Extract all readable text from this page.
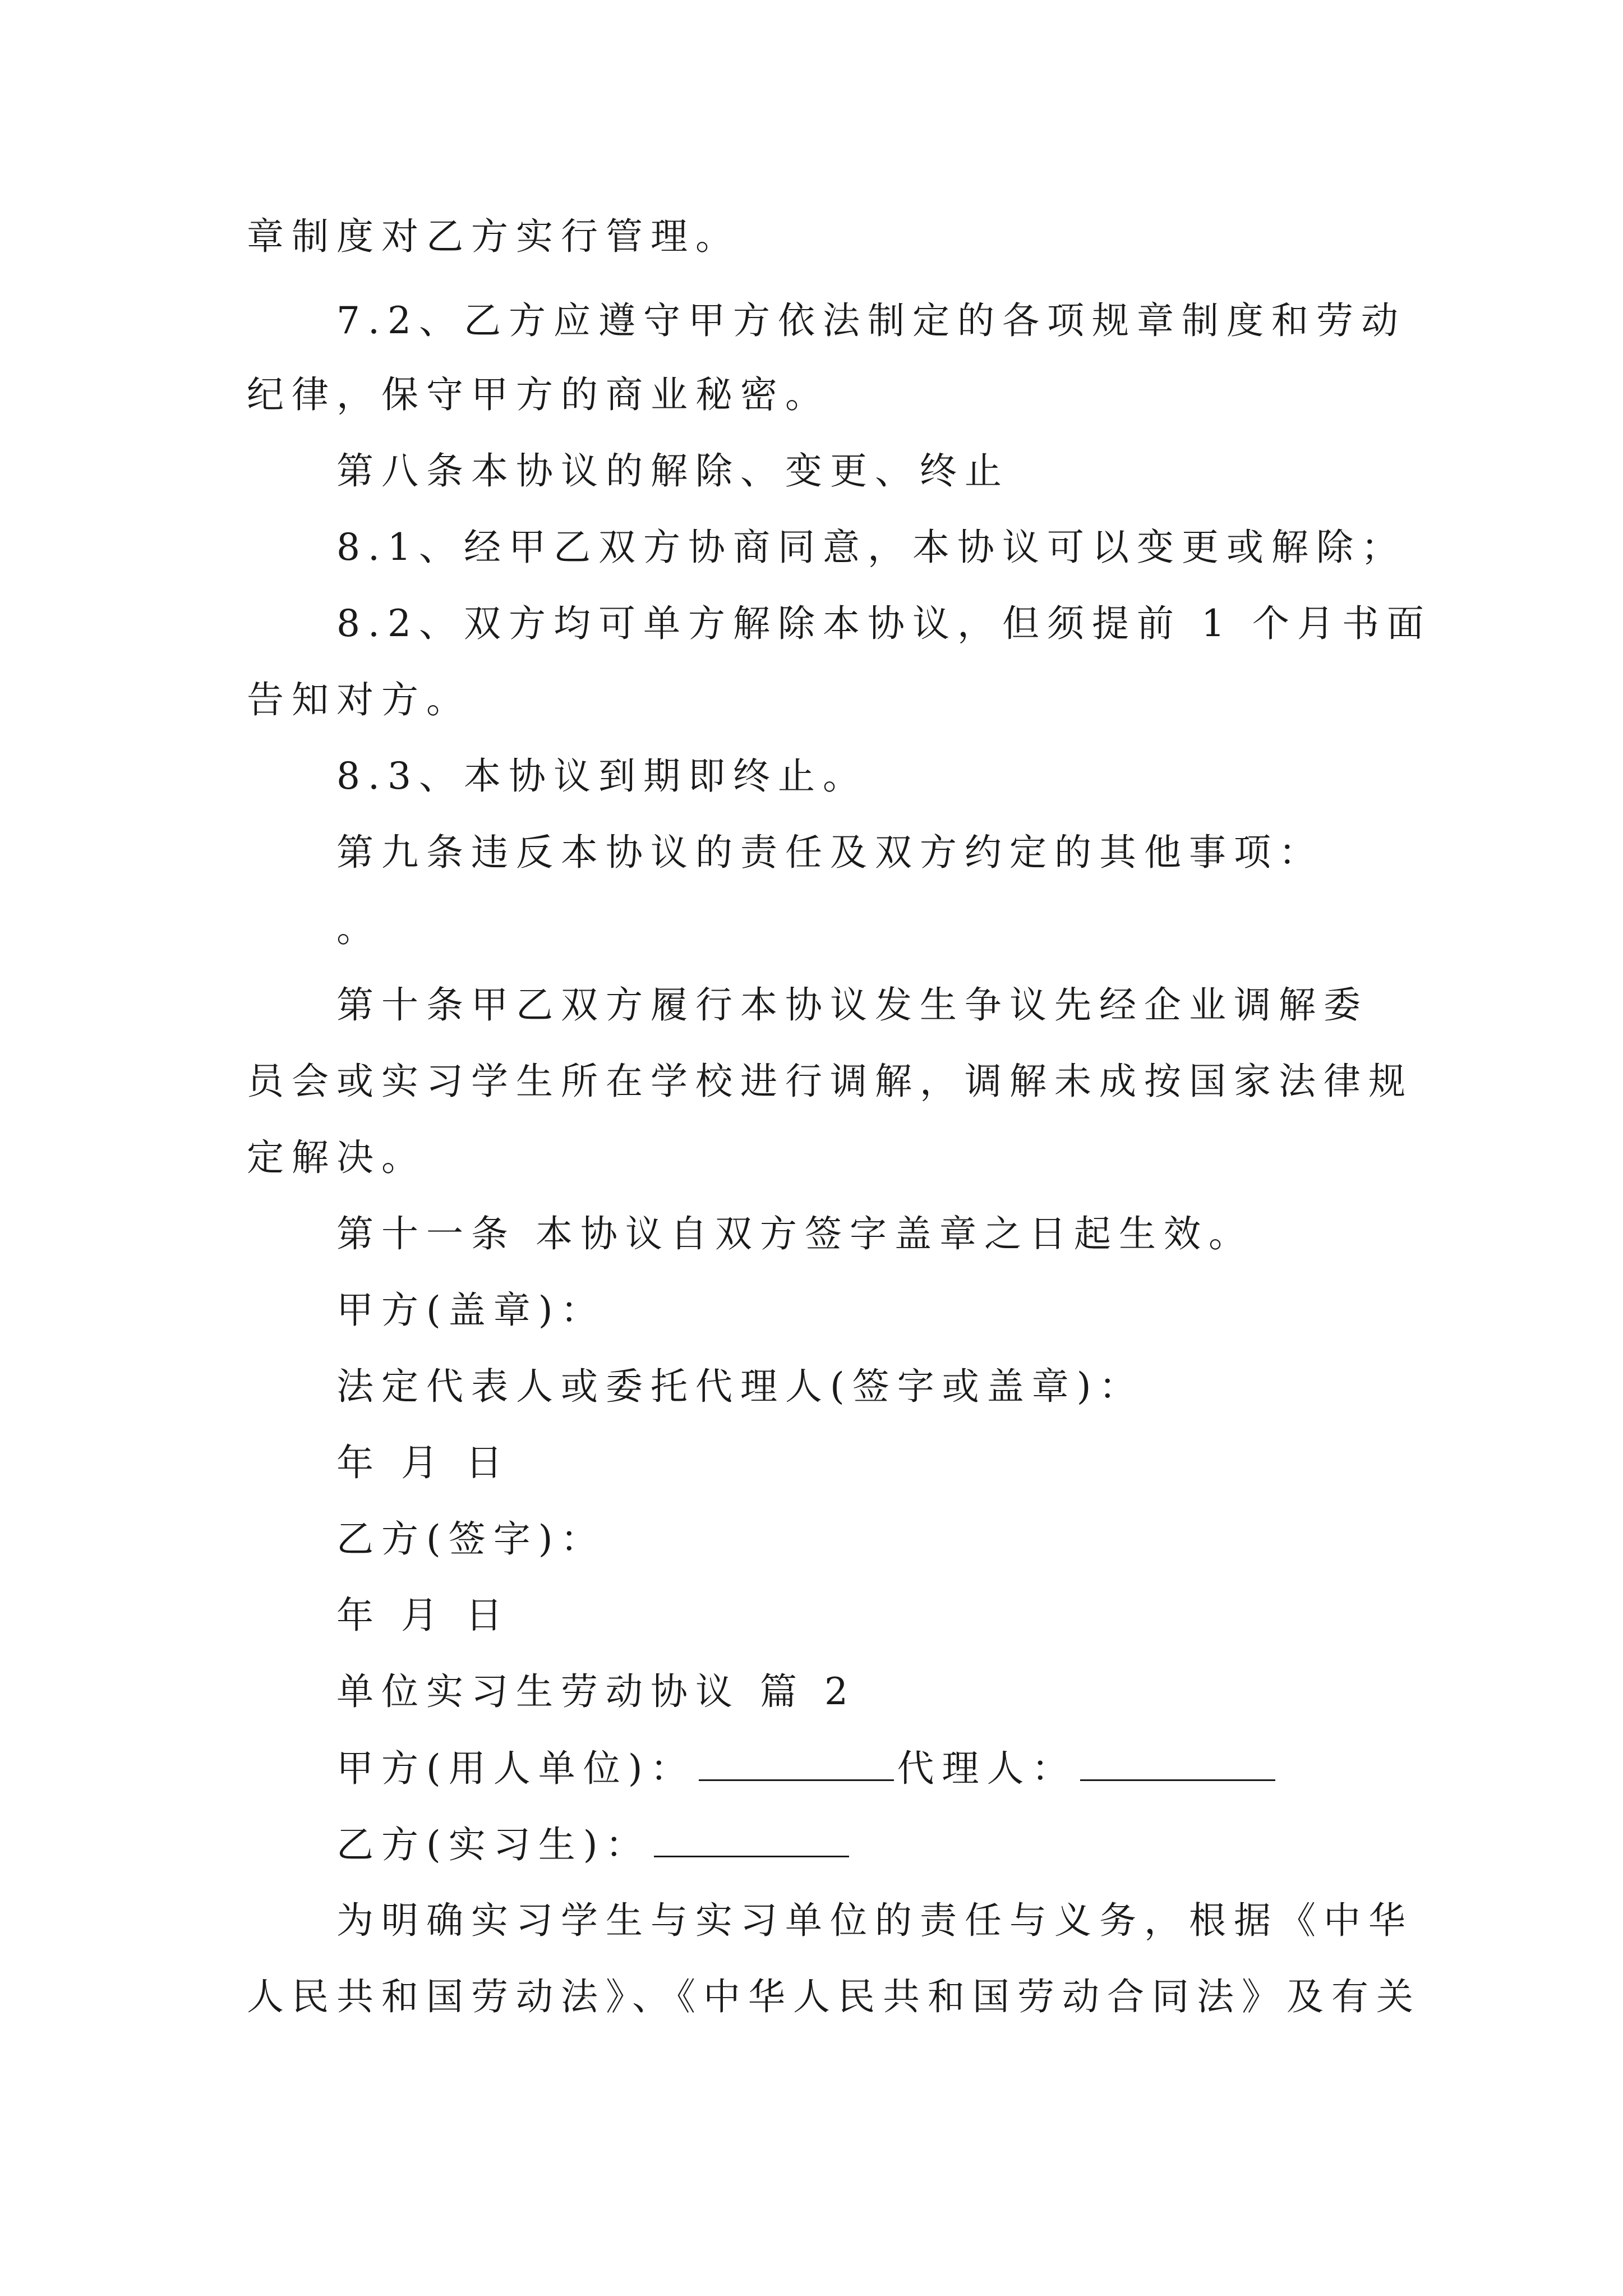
章制度对乙方实行管理。
7.2、乙方应遵守甲方依法制定的各项规章制度和劳动
纪律，保守甲方的商业秘密。
第八条本协议的解除、变更、终止
8.1、经甲乙双方协商同意，本协议可以变更或解除；
8.2、双方均可单方解除本协议，但须提前 1 个月书面
告知对方。
8.3、本协议到期即终止。
第九条违反本协议的责任及双方约定的其他事项：
。
第十条甲乙双方履行本协议发生争议先经企业调解委
员会或实习学生所在学校进行调解，调解未成按国家法律规
定解决。
第十一条 本协议自双方签字盖章之日起生效。
甲方(盖章)：
法定代表人或委托代理人(签字或盖章)：
年 月 日
乙方(签字)：
年 月 日
单位实习生劳动协议 篇 2
甲方(用人单位)：	代理人：
乙方(实习生)：
为明确实习学生与实习单位的责任与义务，根据《中华
人民共和国劳动法》、《中华人民共和国劳动合同法》及有关
